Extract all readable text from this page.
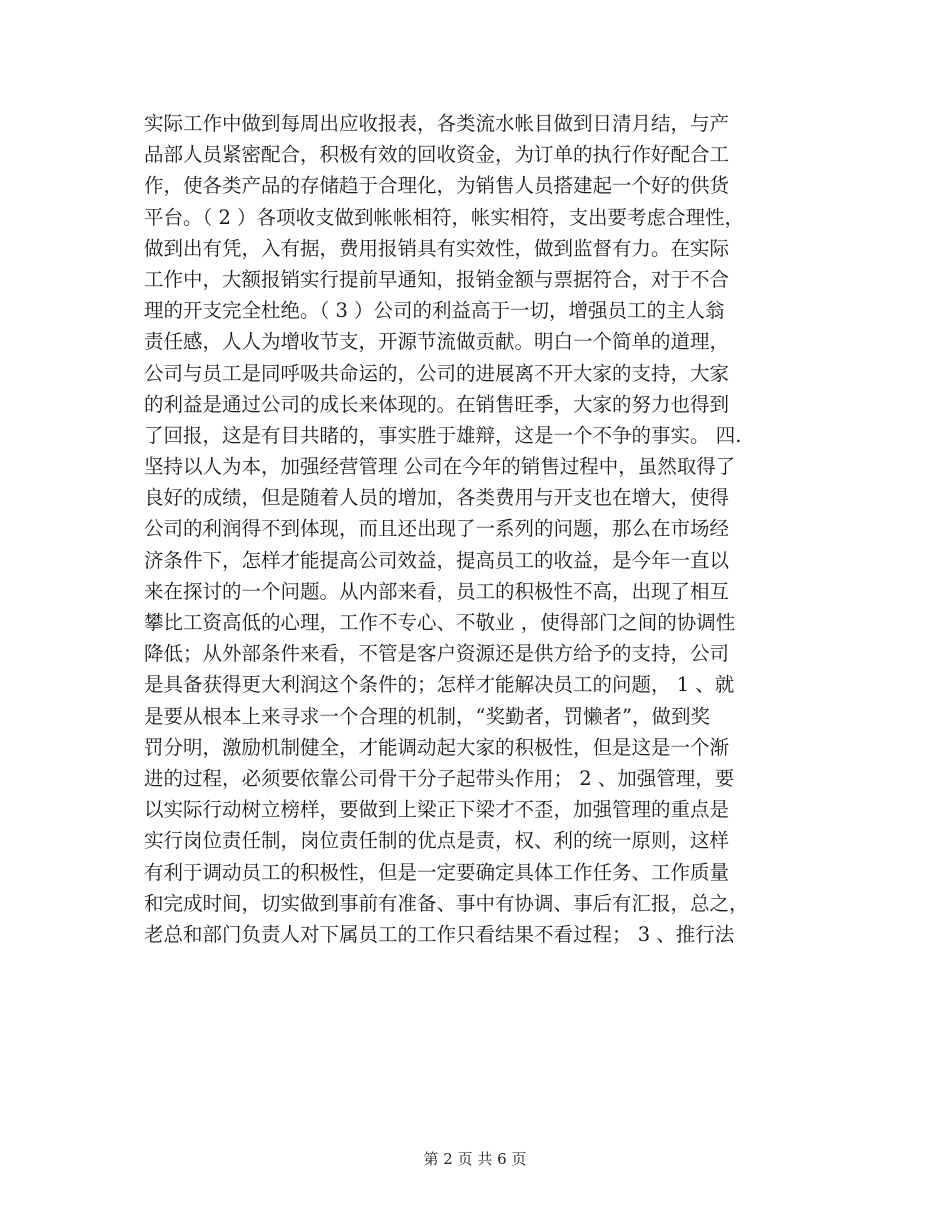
实际工作中做到每周出应收报表，各类流水帐目做到日清月结，与产
品部人员紧密配合，积极有效的回收资金，为订单的执行作好配合工
作，使各类产品的存储趋于合理化，为销售人员搭建起一个好的供货
平台。（ 2 ）各项收支做到帐帐相符，帐实相符，支出要考虑合理性，
做到出有凭，入有据，费用报销具有实效性，做到监督有力。在实际
工作中，大额报销实行提前早通知，报销金额与票据符合，对于不合
理的开支完全杜绝。（ 3 ）公司的利益高于一切，增强员工的主人翁
责任感，人人为增收节支，开源节流做贡献。明白一个简单的道理，
公司与员工是同呼吸共命运的，公司的进展离不开大家的支持，大家
的利益是通过公司的成长来体现的。在销售旺季，大家的努力也得到
了回报，这是有目共睹的，事实胜于雄辩，这是一个不争的事实。 四.
坚持以人为本，加强经营管理 公司在今年的销售过程中，虽然取得了
良好的成绩，但是随着人员的增加，各类费用与开支也在增大，使得
公司的利润得不到体现，而且还出现了一系列的问题，那么在市场经
济条件下，怎样才能提高公司效益，提高员工的收益，是今年一直以
来在探讨的一个问题。从内部来看，员工的积极性不高，出现了相互
攀比工资高低的心理，工作不专心、不敬业 ，使得部门之间的协调性
降低；从外部条件来看，不管是客户资源还是供方给予的支持，公司
是具备获得更大利润这个条件的；怎样才能解决员工的问题， 1 、就
是要从根本上来寻求一个合理的机制，“奖勤者，罚懒者”，做到奖
罚分明，激励机制健全，才能调动起大家的积极性，但是这是一个渐
进的过程，必须要依靠公司骨干分子起带头作用； 2 、加强管理，要
以实际行动树立榜样，要做到上梁正下梁才不歪，加强管理的重点是
实行岗位责任制，岗位责任制的优点是责，权、利的统一原则，这样
有利于调动员工的积极性，但是一定要确定具体工作任务、工作质量
和完成时间，切实做到事前有准备、事中有协调、事后有汇报，总之，
老总和部门负责人对下属员工的工作只看结果不看过程； 3 、推行法
第 2 页 共 6 页
